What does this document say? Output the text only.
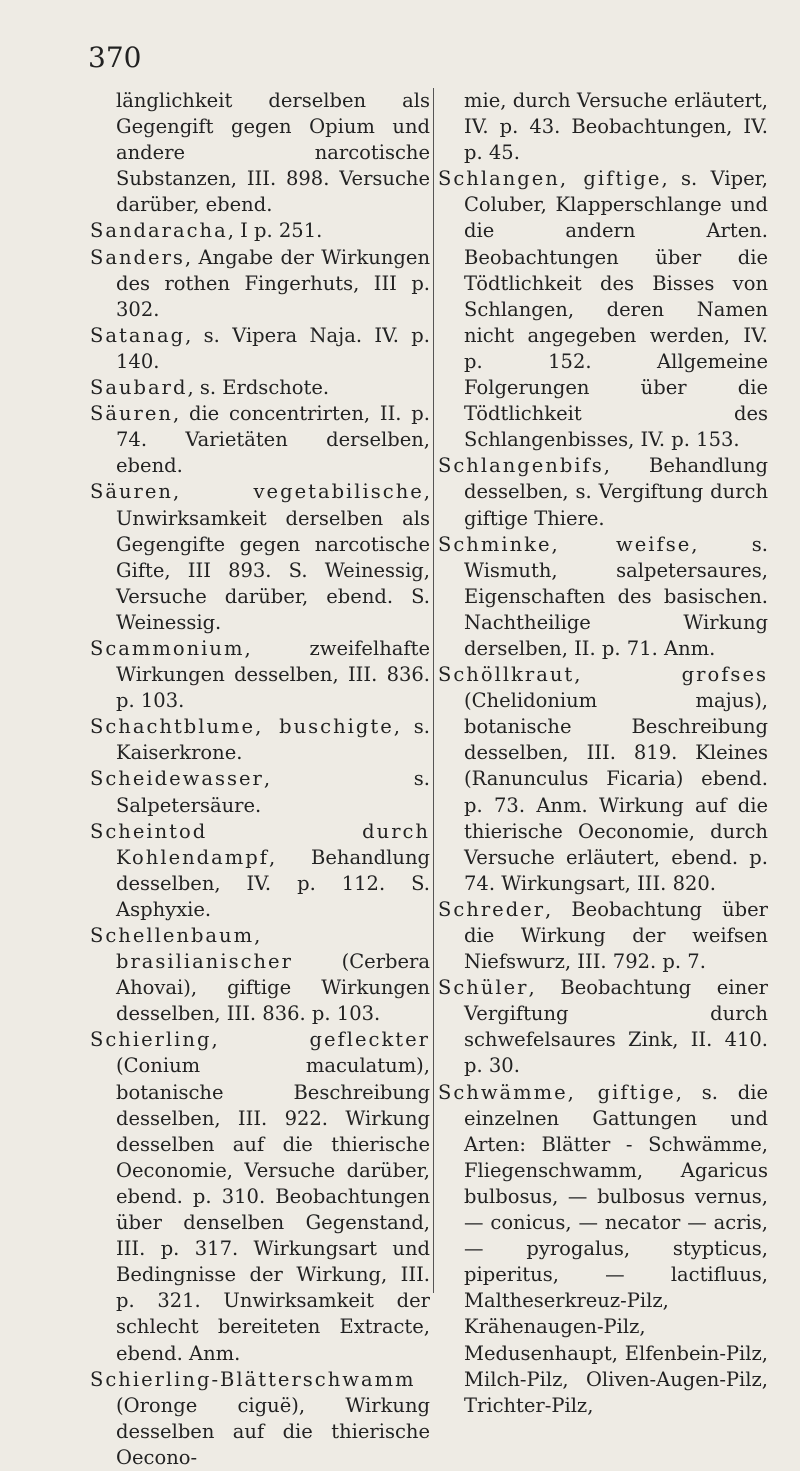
370
länglichkeit derselben als Gegengift gegen Opium und andere narcotische Substanzen, III. 898. Versuche darüber, ebend.
Sandaracha, I p. 251.
Sanders, Angabe der Wirkungen des rothen Fingerhuts, III p. 302.
Satanag, s. Vipera Naja. IV. p. 140.
Saubard, s. Erdschote.
Säuren, die concentrirten, II. p. 74. Varietäten derselben, ebend.
Säuren, vegetabilische, Unwirksamkeit derselben als Gegengifte gegen narcotische Gifte, III 893. S. Weinessig, Versuche darüber, ebend. S. Weinessig.
Scammonium, zweifelhafte Wirkungen desselben, III. 836. p. 103.
Schachtblume, buschigte, s. Kaiserkrone.
Scheidewasser, s. Salpetersäure.
Scheintod durch Kohlendampf, Behandlung desselben, IV. p. 112. S. Asphyxie.
Schellenbaum, brasilianischer (Cerbera Ahovai), giftige Wirkungen desselben, III. 836. p. 103.
Schierling, gefleckter (Conium maculatum), botanische Beschreibung desselben, III. 922. Wirkung desselben auf die thierische Oeconomie, Versuche darüber, ebend. p. 310. Beobachtungen über denselben Gegenstand, III. p. 317. Wirkungsart und Bedingnisse der Wirkung, III. p. 321. Unwirksamkeit der schlecht bereiteten Extracte, ebend. Anm.
Schierling-Blätterschwamm (Oronge ciguë), Wirkung desselben auf die thierische Oecono-
mie, durch Versuche erläutert, IV. p. 43. Beobachtungen, IV. p. 45.
Schlangen, giftige, s. Viper, Coluber, Klapperschlange und die andern Arten. Beobachtungen über die Tödtlichkeit des Bisses von Schlangen, deren Namen nicht angegeben werden, IV. p. 152. Allgemeine Folgerungen über die Tödtlichkeit des Schlangenbisses, IV. p. 153.
Schlangenbifs, Behandlung desselben, s. Vergiftung durch giftige Thiere.
Schminke, weifse, s. Wismuth, salpetersaures, Eigenschaften des basischen. Nachtheilige Wirkung derselben, II. p. 71. Anm.
Schöllkraut, grofses (Chelidonium majus), botanische Beschreibung desselben, III. 819. Kleines (Ranunculus Ficaria) ebend. p. 73. Anm. Wirkung auf die thierische Oeconomie, durch Versuche erläutert, ebend. p. 74. Wirkungsart, III. 820.
Schreder, Beobachtung über die Wirkung der weifsen Niefswurz, III. 792. p. 7.
Schüler, Beobachtung einer Vergiftung durch schwefelsaures Zink, II. 410. p. 30.
Schwämme, giftige, s. die einzelnen Gattungen und Arten: Blätter - Schwämme, Fliegenschwamm, Agaricus bulbosus, — bulbosus vernus, — conicus, — necator — acris, — pyrogalus, stypticus, piperitus, — lactifluus, Maltheserkreuz-Pilz, Krähenaugen-Pilz, Medusenhaupt, Elfenbein-Pilz, Milch-Pilz, Oliven-Augen-Pilz, Trichter-Pilz,
